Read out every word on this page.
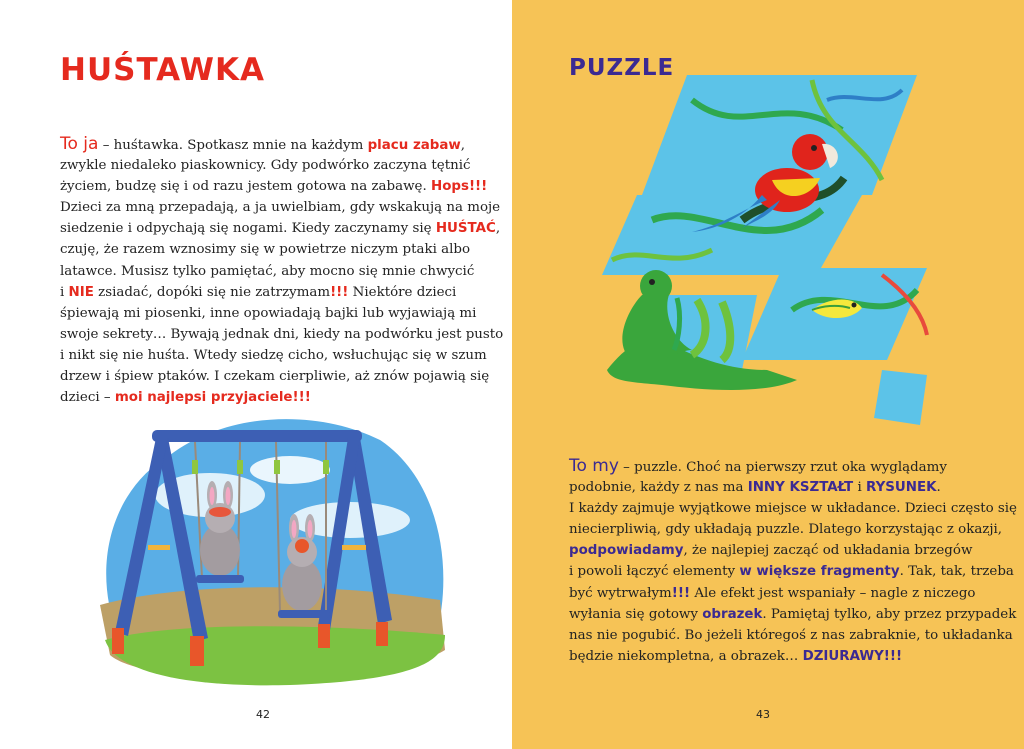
HUŚTAWKA
To ja – huśtawka. Spotkasz mnie na każdym placu zabaw,
zwykle niedaleko piaskownicy. Gdy podwórko zaczyna tętnić
życiem, budzę się i od razu jestem gotowa na zabawę. Hops!!!
Dzieci za mną przepadają, a ja uwielbiam, gdy wskakują na moje
siedzenie i odpychają się nogami. Kiedy zaczynamy się HUŚTAĆ,
czuję, że razem wznosimy się w powietrze niczym ptaki albo
latawce. Musisz tylko pamiętać, aby mocno się mnie chwycić
i NIE zsiadać, dopóki się nie zatrzymam!!! Niektóre dzieci
śpiewają mi piosenki, inne opowiadają bajki lub wyjawiają mi
swoje sekrety… Bywają jednak dni, kiedy na podwórku jest pusto
i nikt się nie huśta. Wtedy siedzę cicho, wsłuchując się w szum
drzew i śpiew ptaków. I czekam cierpliwie, aż znów pojawią się
dzieci – moi najlepsi przyjaciele!!!
42
PUZZLE
To my – puzzle. Choć na pierwszy rzut oka wyglądamy
podobnie, każdy z nas ma INNY KSZTAŁT i RYSUNEK.
I każdy zajmuje wyjątkowe miejsce w układance. Dzieci często się
niecierpliwią, gdy układają puzzle. Dlatego korzystając z okazji,
podpowiadamy, że najlepiej zacząć od układania brzegów
i powoli łączyć elementy w większe fragmenty. Tak, tak, trzeba
być wytrwałym!!! Ale efekt jest wspaniały – nagle z niczego
wyłania się gotowy obrazek. Pamiętaj tylko, aby przez przypadek
nas nie pogubić. Bo jeżeli któregoś z nas zabraknie, to układanka
będzie niekompletna, a obrazek… DZIURAWY!!!
43
